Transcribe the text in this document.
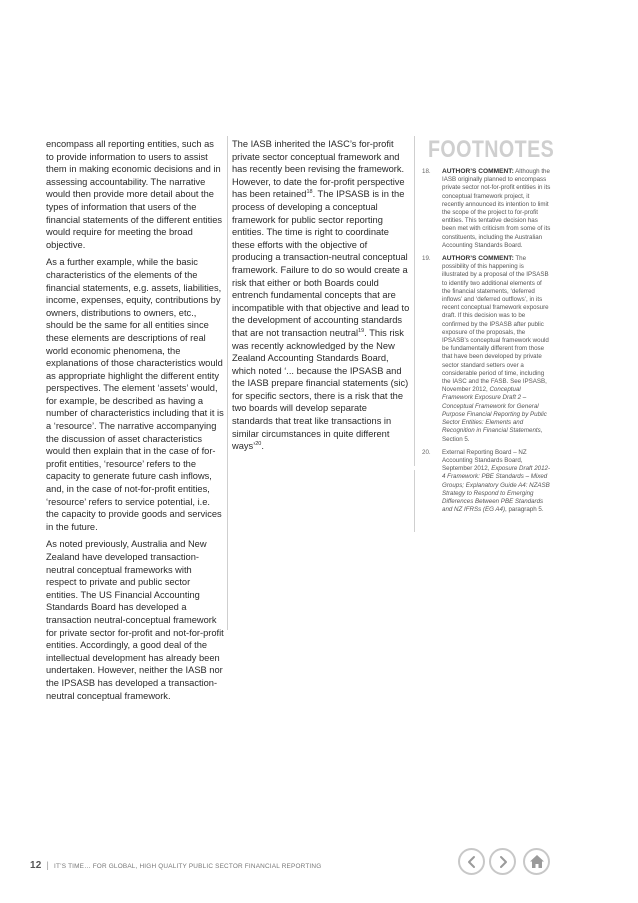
encompass all reporting entities, such as to provide information to users to assist them in making economic decisions and in assessing accountability. The narrative would then provide more detail about the types of information that users of the financial statements of the different entities would require for meeting the broad objective.

As a further example, while the basic characteristics of the elements of the financial statements, e.g. assets, liabilities, income, expenses, equity, contributions by owners, distributions to owners, etc., should be the same for all entities since these elements are descriptions of real world economic phenomena, the explanations of those characteristics would as appropriate highlight the different entity perspectives. The element ‘assets’ would, for example, be described as having a number of characteristics including that it is a ‘resource’. The narrative accompanying the discussion of asset characteristics would then explain that in the case of for-profit entities, ‘resource’ refers to the capacity to generate future cash inflows, and, in the case of not-for-profit entities, ‘resource’ refers to service potential, i.e. the capacity to provide goods and services in the future.

As noted previously, Australia and New Zealand have developed transaction-neutral conceptual frameworks with respect to private and public sector entities. The US Financial Accounting Standards Board has developed a transaction neutral-conceptual framework for private sector for-profit and not-for-profit entities. Accordingly, a good deal of the intellectual development has already been undertaken. However, neither the IASB nor the IPSASB has developed a transaction-neutral conceptual framework.

The IASB inherited the IASC’s for-profit private sector conceptual framework and has recently been revising the framework. However, to date the for-profit perspective has been retained$^{18}$. The IPSASB is in the process of developing a conceptual framework for public sector reporting entities. The time is right to coordinate these efforts with the objective of producing a transaction-neutral conceptual framework. Failure to do so would create a risk that either or both Boards could entrench fundamental concepts that are incompatible with that objective and lead to the development of accounting standards that are not transaction neutral$^{19}$. This risk was recently acknowledged by the New Zealand Accounting Standards Board, which noted ‘... because the IPSASB and the IASB prepare financial statements (sic) for specific sectors, there is a risk that the two boards will develop separate standards that treat like transactions in similar circumstances in quite different ways’$^{20}$.

FOOTNOTES
18.	AUTHOR’S COMMENT: Although the IASB originally planned to encompass private sector not-for-profit entities in its conceptual framework project, it recently announced its intention to limit the scope of the project to for-profit entities. This tentative decision has been met with criticism from some of its constituents, including the Australian Accounting Standards Board.
19.	AUTHOR’S COMMENT: The possibility of this happening is illustrated by a proposal of the IPSASB to identify two additional elements of the financial statements, ‘deferred inflows’ and ‘deferred outflows’, in its recent conceptual framework exposure draft. If this decision was to be confirmed by the IPSASB after public exposure of the proposals, the IPSASB’s conceptual framework would be fundamentally different from those that have been developed by private sector standard setters over a considerable period of time, including the IASC and the FASB. See IPSASB, November 2012, Conceptual Framework Exposure Draft 2 – Conceptual Framework for General Purpose Financial Reporting by Public Sector Entities: Elements and Recognition in Financial Statements, Section 5.
20.	External Reporting Board – NZ Accounting Standards Board, September 2012, Exposure Draft 2012-4 Framework: PBE Standards – Mixed Groups; Explanatory Guide A4: NZASB Strategy to Respond to Emerging Differences Between PBE Standards and NZ IFRSs (EG A4), paragraph 5.
12 | IT’S TIME… FOR GLOBAL, HIGH QUALITY PUBLIC SECTOR FINANCIAL REPORTING
